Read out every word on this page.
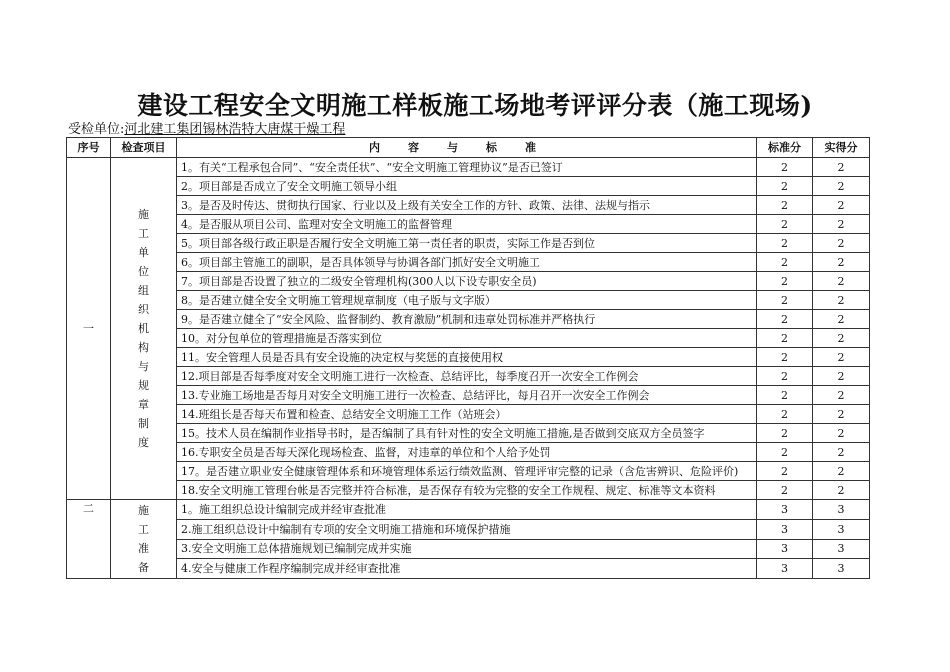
建设工程安全文明施工样板施工场地考评评分表（施工现场)
受检单位:河北建工集团锡林浩特大唐煤干燥工程
序号	检查项目	内容与标准	标准分	实得分
一	施工单位组织机构与规章制度	1。有关“工程承包合同”、“安全责任状”、“安全文明施工管理协议”是否已签订	2	2
		2。项目部是否成立了安全文明施工领导小组	2	2
		3。是否及时传达、贯彻执行国家、行业以及上级有关安全工作的方针、政策、法律、法规与指示	2	2
		4。是否服从项目公司、监理对安全文明施工的监督管理	2	2
		5。项目部各级行政正职是否履行安全文明施工第一责任者的职责，实际工作是否到位	2	2
		6。项目部主管施工的副职，是否具体领导与协调各部门抓好安全文明施工	2	2
		7。项目部是否设置了独立的二级安全管理机构(300人以下设专职安全员)	2	2
		8。是否建立健全安全文明施工管理规章制度（电子版与文字版）	2	2
		9。是否建立健全了“安全风险、监督制约、教育激励”机制和违章处罚标准并严格执行	2	2
		10。对分包单位的管理措施是否落实到位	2	2
		11。安全管理人员是否具有安全设施的决定权与奖惩的直接使用权	2	2
		12.项目部是否每季度对安全文明施工进行一次检查、总结评比，每季度召开一次安全工作例会	2	2
		13.专业施工场地是否每月对安全文明施工进行一次检查、总结评比，每月召开一次安全工作例会	2	2
		14.班组长是否每天布置和检查、总结安全文明施工工作（站班会）	2	2
		15。技术人员在编制作业指导书时，是否编制了具有针对性的安全文明施工措施,是否做到交底双方全员签字	2	2
		16.专职安全员是否每天深化现场检查、监督，对违章的单位和个人给予处罚	2	2
		17。是否建立职业安全健康管理体系和环境管理体系运行绩效监测、管理评审完整的记录（含危害辨识、危险评价)	2	2
		18.安全文明施工管理台帐是否完整并符合标准，是否保存有较为完整的安全工作规程、规定、标准等文本资料	2	2
二	施工准备	1。施工组织总设计编制完成并经审查批准	3	3
		2.施工组织总设计中编制有专项的安全文明施工措施和环境保护措施	3	3
		3.安全文明施工总体措施规划已编制完成并实施	3	3
		4.安全与健康工作程序编制完成并经审查批准	3	3
